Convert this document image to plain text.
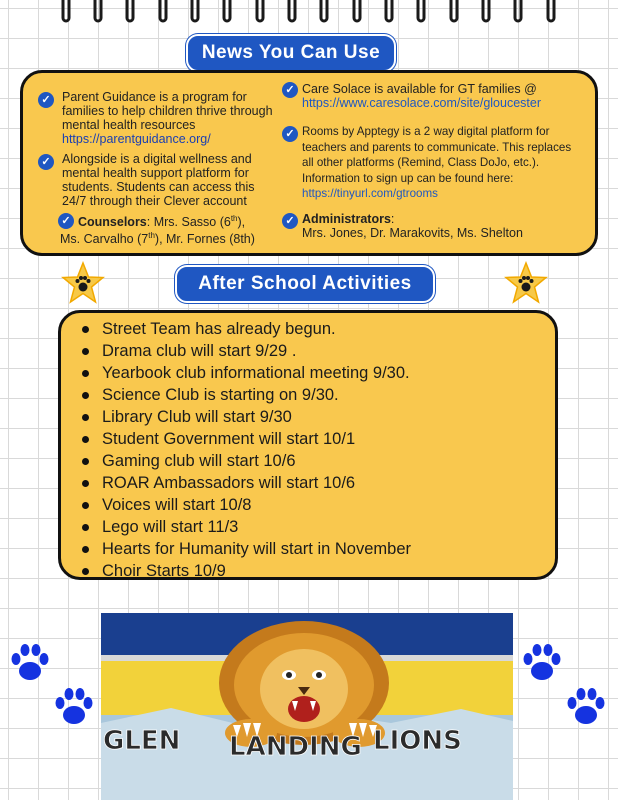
News You Can Use
✓ Parent Guidance is a program for families to help children thrive through mental health resources https://parentguidance.org/
✓ Alongside is a digital wellness and mental health support platform for students. Students can access this 24/7 through their Clever account
✓ Counselors: Mrs. Sasso (6th),
Ms. Carvalho (7th), Mr. Fornes (8th)
✓ Care Solace is available for GT families @
https://www.caresolace.com/site/gloucester
✓ Rooms by Apptegy is a 2 way digital platform for teachers and parents to communicate. This replaces all other platforms (Remind, Class DoJo, etc.). Information to sign up can be found here:
https://tinyurl.com/gtrooms
✓ Administrators:
Mrs. Jones, Dr. Marakovits, Ms. Shelton
After School Activities
Street Team has already begun.
Drama club will start 9/29 .
Yearbook club informational meeting 9/30.
Science Club is starting on 9/30.
Library Club will start 9/30
Student Government will start 10/1
Gaming club will start 10/6
ROAR Ambassadors will start 10/6
Voices will start 10/8
Lego will start 11/3
Hearts for Humanity will start in November
Choir Starts 10/9
GLEN LANDING LIONS
